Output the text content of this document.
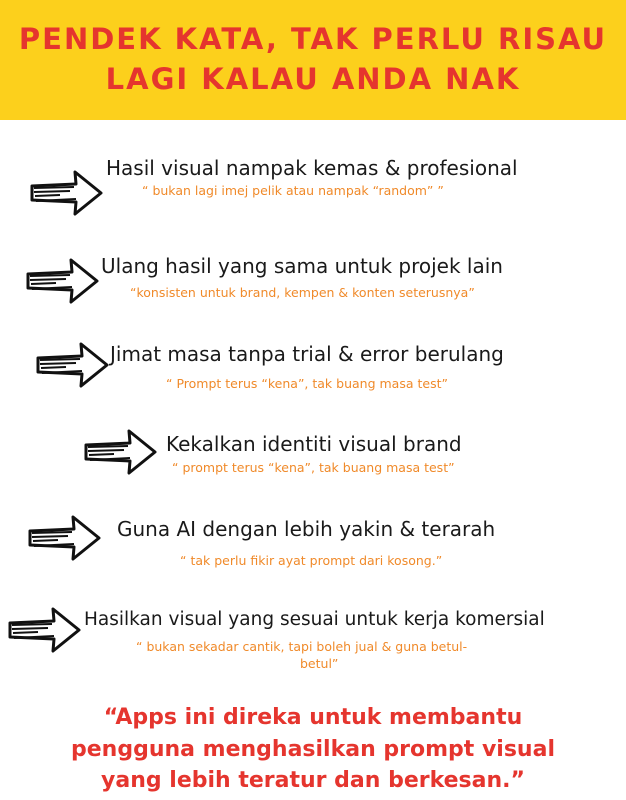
PENDEK KATA, TAK PERLU RISAU
LAGI KALAU ANDA NAK
Hasil visual nampak kemas & profesional
“ bukan lagi imej pelik atau nampak “random” ”
Ulang hasil yang sama untuk projek lain
“konsisten untuk brand, kempen & konten seterusnya”
Jimat masa tanpa trial & error berulang
“ Prompt terus “kena”, tak buang masa test”
Kekalkan identiti visual brand
“ prompt terus “kena”, tak buang masa test”
Guna AI dengan lebih yakin & terarah
“ tak perlu fikir ayat prompt dari kosong.”
Hasilkan visual yang sesuai untuk kerja komersial
“ bukan sekadar cantik, tapi boleh jual & guna betul-
betul”
“Apps ini direka untuk membantu
pengguna menghasilkan prompt visual
yang lebih teratur dan berkesan.”
